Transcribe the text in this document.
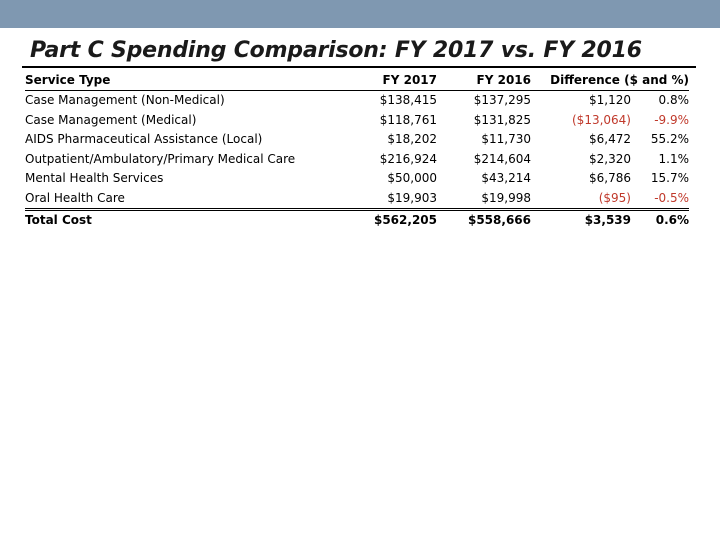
Part C Spending Comparison: FY 2017 vs. FY 2016
Service Type	FY 2017	FY 2016	Difference ($ and %)	
Case Management (Non-Medical)	$138,415	$137,295	$1,120	0.8%
Case Management (Medical)	$118,761	$131,825	($13,064)	-9.9%
AIDS Pharmaceutical Assistance (Local)	$18,202	$11,730	$6,472	55.2%
Outpatient/Ambulatory/Primary Medical Care	$216,924	$214,604	$2,320	1.1%
Mental Health Services	$50,000	$43,214	$6,786	15.7%
Oral Health Care	$19,903	$19,998	($95)	-0.5%
Total Cost	$562,205	$558,666	$3,539	0.6%
